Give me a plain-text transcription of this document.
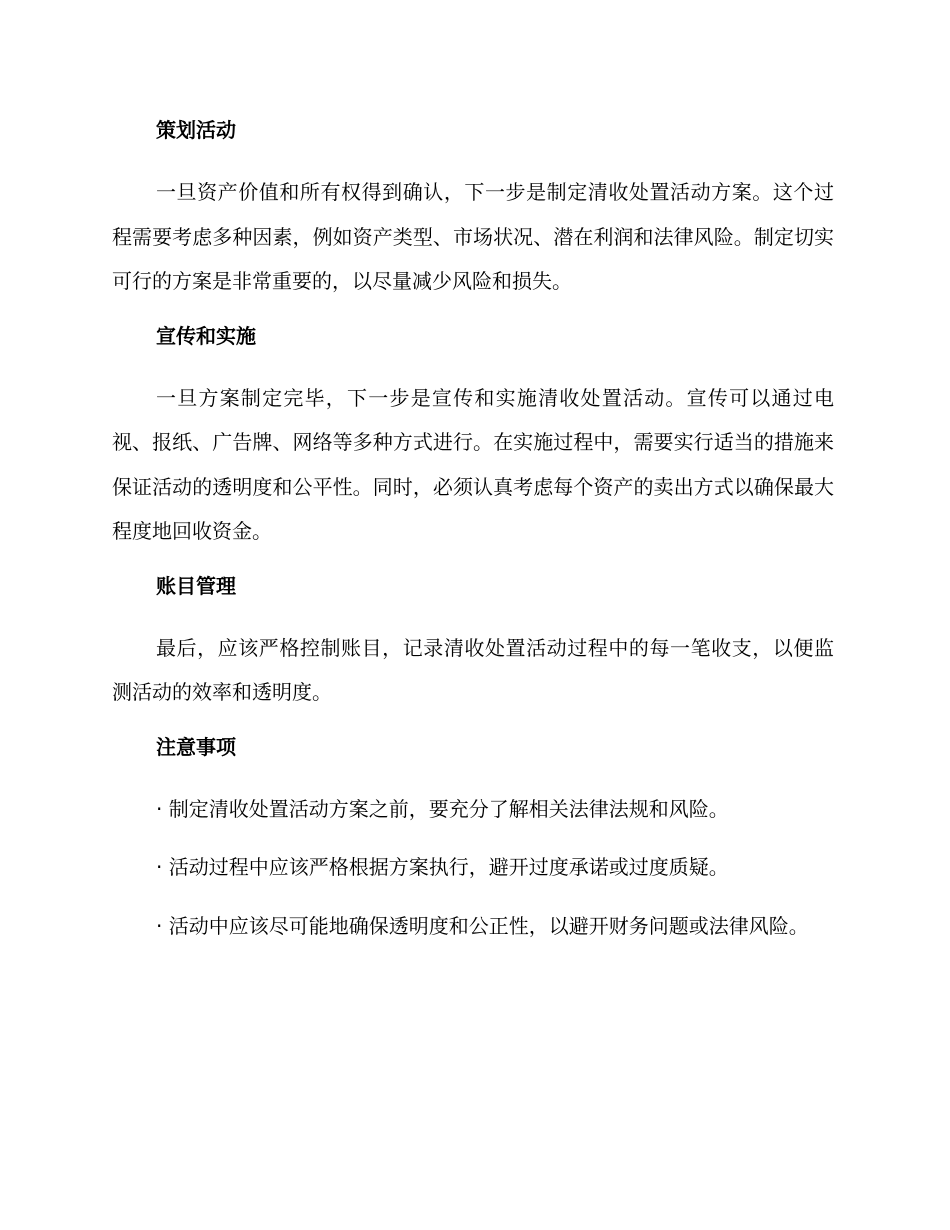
策划活动

一旦资产价值和所有权得到确认，下一步是制定清收处置活动方案。这个过程需要考虑多种因素，例如资产类型、市场状况、潜在利润和法律风险。制定切实可行的方案是非常重要的，以尽量减少风险和损失。

宣传和实施

一旦方案制定完毕，下一步是宣传和实施清收处置活动。宣传可以通过电视、报纸、广告牌、网络等多种方式进行。在实施过程中，需要实行适当的措施来保证活动的透明度和公平性。同时，必须认真考虑每个资产的卖出方式以确保最大程度地回收资金。

账目管理

最后，应该严格控制账目，记录清收处置活动过程中的每一笔收支，以便监测活动的效率和透明度。

注意事项

· 制定清收处置活动方案之前，要充分了解相关法律法规和风险。

· 活动过程中应该严格根据方案执行，避开过度承诺或过度质疑。

· 活动中应该尽可能地确保透明度和公正性，以避开财务问题或法律风险。
